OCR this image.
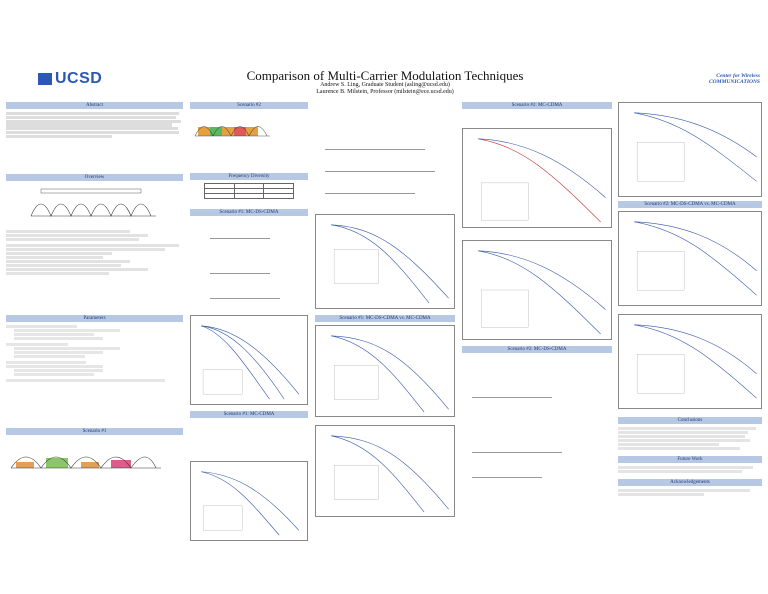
UCSD	Comparison of Multi-Carrier Modulation Techniques
Andrew S. Ling, Graduate Student (asling@ucsd.edu)
Laurence B. Milstein, Professor (milstein@ece.ucsd.edu)
Center for Wireless COMMUNICATIONS
Abstract
Overview
Parameters
Scenario #1
Scenario #2
Frequency Diversity

Scenario #1: MC-DS-CDMA
Scenario #1: MC-CDMA
Scenario #1: MC-DS-CDMA vs. MC-CDMA
Scenario #2: MC-CDMA
Scenario #2: MC-DS-CDMA
Scenario #2: MC-DS-CDMA vs. MC-CDMA
Conclusions
Future Work
Acknowledgements
